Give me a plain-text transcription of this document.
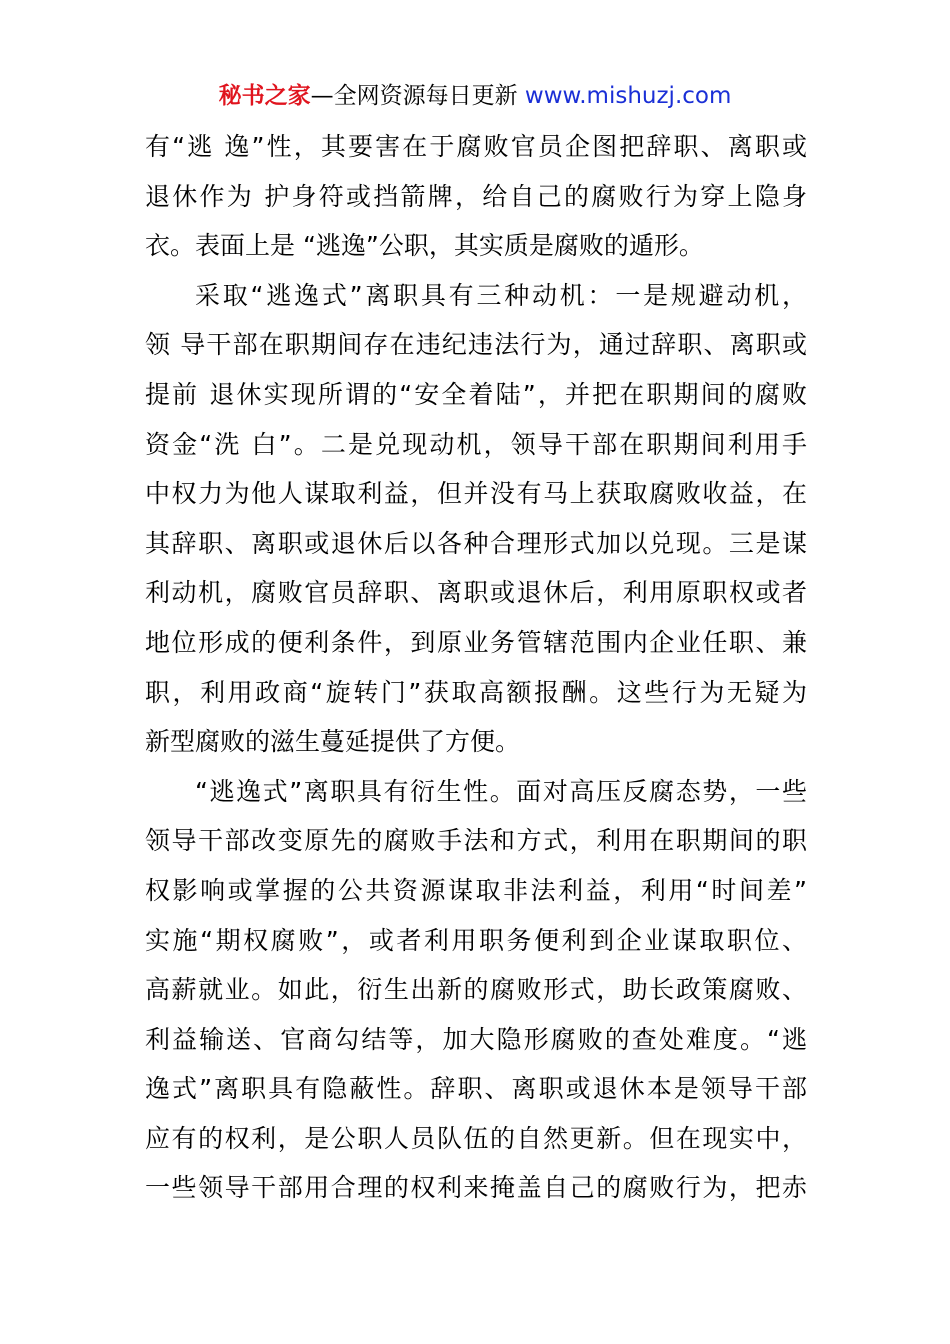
秘书之家—全网资源每日更新 www.mishuzj.com
有“逃 逸”性，其要害在于腐败官员企图把辞职、离职或
退休作为 护身符或挡箭牌，给自己的腐败行为穿上隐身
衣。表面上是 “逃逸”公职，其实质是腐败的遁形。
采取“逃逸式”离职具有三种动机：一是规避动机，
领 导干部在职期间存在违纪违法行为，通过辞职、离职或
提前 退休实现所谓的“安全着陆”，并把在职期间的腐败
资金“洗 白”。二是兑现动机，领导干部在职期间利用手
中权力为他人谋取利益，但并没有马上获取腐败收益，在
其辞职、离职或退休后以各种合理形式加以兑现。三是谋
利动机，腐败官员辞职、离职或退休后，利用原职权或者
地位形成的便利条件，到原业务管辖范围内企业任职、兼
职，利用政商“旋转门”获取高额报酬。这些行为无疑为
新型腐败的滋生蔓延提供了方便。
“逃逸式”离职具有衍生性。面对高压反腐态势，一些
领导干部改变原先的腐败手法和方式，利用在职期间的职
权影响或掌握的公共资源谋取非法利益，利用“时间差”
实施“期权腐败”，或者利用职务便利到企业谋取职位、
高薪就业。如此，衍生出新的腐败形式，助长政策腐败、
利益输送、官商勾结等，加大隐形腐败的查处难度。“逃
逸式”离职具有隐蔽性。辞职、离职或退休本是领导干部
应有的权利，是公职人员队伍的自然更新。但在现实中，
一些领导干部用合理的权利来掩盖自己的腐败行为，把赤
